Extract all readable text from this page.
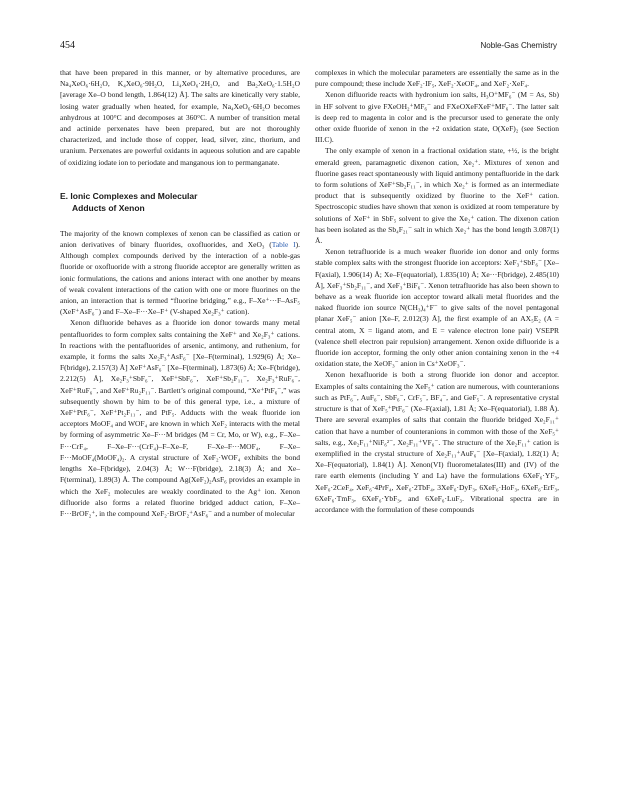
454	Noble-Gas Chemistry

that have been prepared in this manner, or by alternative procedures, are Na₄XeO₆·6H₂O, K₄XeO₆·9H₂O, Li₄XeO₆·2H₂O, and Ba₂XeO₆·1.5H₂O [average Xe–O bond length, 1.864(12) Å]. The salts are kinetically very stable, losing water gradually when heated, for example, Na₄XeO₆·6H₂O becomes anhydrous at 100°C and decomposes at 360°C. A number of transition metal and actinide perxenates have been prepared, but are not thoroughly characterized, and include those of copper, lead, silver, zinc, thorium, and uranium. Perxenates are powerful oxidants in aqueous solution and are capable of oxidizing iodate ion to periodate and manganous ion to permanganate.

E. Ionic Complexes and Molecular
Adducts of Xenon

The majority of the known complexes of xenon can be classified as cation or anion derivatives of binary fluorides, oxofluorides, and XeO₃ (Table I). Although complex compounds derived by the interaction of a noble-gas fluoride or oxofluoride with a strong fluoride acceptor are generally written as ionic formulations, the cations and anions interact with one another by means of weak covalent interactions of the cation with one or more fluorines on the anion, an interaction that is termed “fluorine bridging,” e.g., F–Xe⁺···F–AsF₅ (XeF⁺AsF₆⁻) and F–Xe–F···Xe–F⁺ (V-shaped Xe₂F₃⁺ cation).

Xenon difluoride behaves as a fluoride ion donor towards many metal pentafluorides to form complex salts containing the XeF⁺ and Xe₂F₃⁺ cations. In reactions with the pentafluorides of arsenic, antimony, and ruthenium, for example, it forms the salts Xe₂F₃⁺AsF₆⁻ [Xe–F(terminal), 1.929(6) Å; Xe–F(bridge), 2.157(3) Å] XeF⁺AsF₆⁻ [Xe–F(terminal), 1.873(6) Å; Xe–F(bridge), 2.212(5) Å], Xe₂F₃⁺SbF₆⁻, XeF⁺SbF₆⁻, XeF⁺Sb₂F₁₁⁻, Xe₂F₃⁺RuF₆⁻, XeF⁺RuF₆⁻, and XeF⁺Ru₂F₁₁⁻. Bartlett’s original compound, “Xe⁺PtF₆⁻,” was subsequently shown by him to be of this general type, i.e., a mixture of XeF⁺PtF₆⁻, XeF⁺Pt₂F₁₁⁻, and PtF₅. Adducts with the weak fluoride ion acceptors MoOF₄ and WOF₄ are known in which XeF₂ interacts with the metal by forming of asymmetric Xe–F···M bridges (M = Cr, Mo, or W), e.g., F–Xe–F···CrF₄, F–Xe–F···(CrF₄)–F–Xe–F, F–Xe–F···MOF₄, F–Xe–F···MoOF₄(MoOF₄)₂. A crystal structure of XeF₂·WOF₄ exhibits the bond lengths Xe–F(bridge), 2.04(3) Å; W···F(bridge), 2.18(3) Å; and Xe–F(terminal), 1.89(3) Å. The compound Ag(XeF₂)₂AsF₆ provides an example in which the XeF₂ molecules are weakly coordinated to the Ag⁺ ion. Xenon difluoride also forms a related fluorine bridged adduct cation, F–Xe–F···BrOF₂⁺, in the compound XeF₂·BrOF₂⁺AsF₆⁻ and a number of molecular

complexes in which the molecular parameters are essentially the same as in the pure compound; these include XeF₂·IF₅, XeF₂·XeOF₄, and XeF₂·XeF₄.

Xenon difluoride reacts with hydronium ion salts, H₃O⁺MF₆⁻ (M = As, Sb) in HF solvent to give FXeOH₂⁺MF₆⁻ and FXeOXeFXeF⁺MF₆⁻. The latter salt is deep red to magenta in color and is the precursor used to generate the only other oxide fluoride of xenon in the +2 oxidation state, O(XeF)₂ (see Section III.C).

The only example of xenon in a fractional oxidation state, +½, is the bright emerald green, paramagnetic dixenon cation, Xe₂⁺. Mixtures of xenon and fluorine gases react spontaneously with liquid antimony pentafluoride in the dark to form solutions of XeF⁺Sb₂F₁₁⁻, in which Xe₂⁺ is formed as an intermediate product that is subsequently oxidized by fluorine to the XeF⁺ cation. Spectroscopic studies have shown that xenon is oxidized at room temperature by solutions of XeF⁺ in SbF₅ solvent to give the Xe₂⁺ cation. The dixenon cation has been isolated as the Sb₄F₂₁⁻ salt in which Xe₂⁺ has the bond length 3.087(1) Å.

Xenon tetrafluoride is a much weaker fluoride ion donor and only forms stable complex salts with the strongest fluoride ion acceptors: XeF₃⁺SbF₆⁻ [Xe–F(axial), 1.906(14) Å; Xe–F(equatorial), 1.835(10) Å; Xe···F(bridge), 2.485(10) Å], XeF₃⁺Sb₂F₁₁⁻, and XeF₃⁺BiF₆⁻. Xenon tetrafluoride has also been shown to behave as a weak fluoride ion acceptor toward alkali metal fluorides and the naked fluoride ion source N(CH₃)₄⁺F⁻ to give salts of the novel pentagonal planar XeF₅⁻ anion [Xe–F, 2.012(3) Å], the first example of an AX₅E₂ (A = central atom, X = ligand atom, and E = valence electron lone pair) VSEPR (valence shell electron pair repulsion) arrangement. Xenon oxide difluoride is a fluoride ion acceptor, forming the only other anion containing xenon in the +4 oxidation state, the XeOF₃⁻ anion in Cs⁺XeOF₃⁻.

Xenon hexafluoride is both a strong fluoride ion donor and acceptor. Examples of salts containing the XeF₅⁺ cation are numerous, with counteranions such as PtF₆⁻, AuF₆⁻, SbF₆⁻, CrF₅⁻, BF₄⁻, and GeF₅⁻. A representative crystal structure is that of XeF₅⁺PtF₆⁻ (Xe–F(axial), 1.81 Å; Xe–F(equatorial), 1.88 Å). There are several examples of salts that contain the fluoride bridged Xe₂F₁₁⁺ cation that have a number of counteranions in common with those of the XeF₅⁺ salts, e.g., Xe₂F₁₁⁺NiF₆²⁻, Xe₂F₁₁⁺VF₆⁻. The structure of the Xe₂F₁₁⁺ cation is exemplified in the crystal structure of Xe₂F₁₁⁺AuF₆⁻ [Xe–F(axial), 1.82(1) Å; Xe–F(equatorial), 1.84(1) Å]. Xenon(VI) fluorometalates(III) and (IV) of the rare earth elements (including Y and La) have the formulations 6XeF₆·YF₃, XeF₆·2CeF₄, XeF₆·4PrF₄, XeF₆·2TbF₄, 3XeF₆·DyF₃, 6XeF₆·HoF₃, 6XeF₆·ErF₃, 6XeF₆·TmF₃, 6XeF₆·YbF₃, and 6XeF₆·LuF₃. Vibrational spectra are in accordance with the formulation of these compounds
